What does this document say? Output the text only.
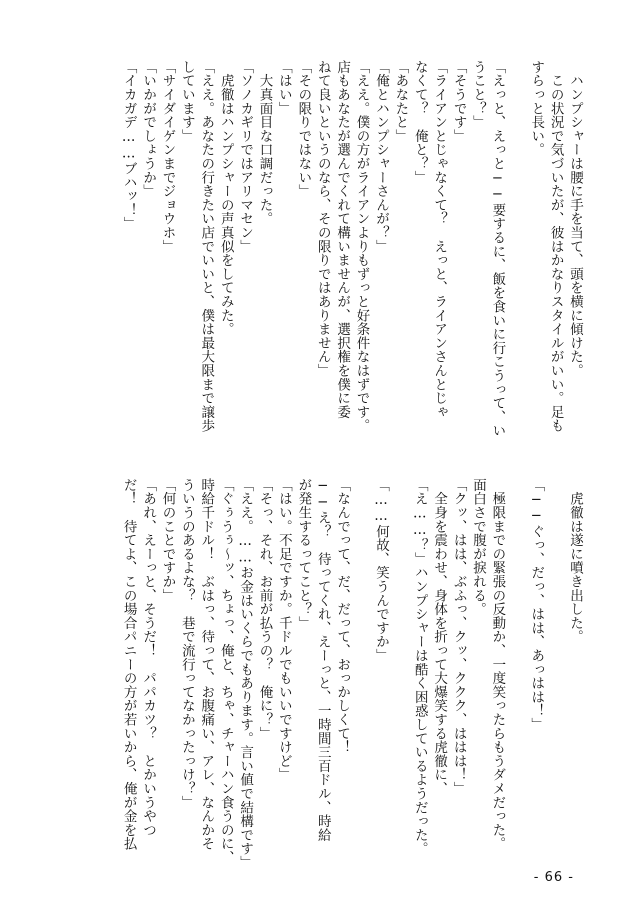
　ハンプシャーは腰に手を当て、頭を横に傾けた。
　この状況で気づいたが、彼はかなりスタイルがいい。足も
すらっと長い。

「えっと、えっと──要するに、飯を食いに行こうって、い
うこと？」
「そうです」
「ライアンとじゃなくて？　えっと、ライアンさんとじゃ
なくて？　俺と？」
「あなたと」
「俺とハンプシャーさんが？」
「ええ。僕の方がライアンよりもずっと好条件なはずです。
店もあなたが選んでくれて構いませんが、選択権を僕に委
ねて良いというのなら、その限りではありません」
「その限りではない」
「はい」
　大真面目な口調だった。
「ソノカギリではアリマセン」
　虎徹はハンプシャーの声真似をしてみた。
「ええ。あなたの行きたい店でいいと、僕は最大限まで譲歩
しています」
「サイダイゲンまでジョウホ」
「いかがでしょうか」
「イカガデ……ブハッ！」
　虎徹は遂に噴き出した。

「──ぐっ、だっ、はは、あっはは！」

　極限までの緊張の反動か、一度笑ったらもうダメだった。
面白さで腹が捩れる。
「クッ、はは、ぶふっ、クッ、ククク、ははは！」
　全身を震わせ、身体を折って大爆笑する虎徹に、
「え……？」ハンプシャーは酷く困惑しているようだった。

「……何故、笑うんですか」

「なんでって、だ、だって、おっかしくて！
──え？　待ってくれ、えーっと、一時間三百ドル、時給
が発生するってこと？」
「はい。不足ですか。千ドルでもいいですけど」
「そっ、それ、お前が払うの？　俺に？」
「ええ。……お金はいくらでもあります。言い値で結構です」
「ぐぅうぅ～ッ、ちょっ、俺と、ちゃ、チャーハン食うのに、
時給千ドル！　ぶはっ、待って、お腹痛い、アレ、なんかそ
ういうのあるよな？　巷で流行ってなかったっけ？」
「何のことですか」
「あれ、えーっと、そうだ！　パパカツ？　とかいうやつ
だ！　待てよ、この場合パニーの方が若いから、俺が金を払
- 66 -
